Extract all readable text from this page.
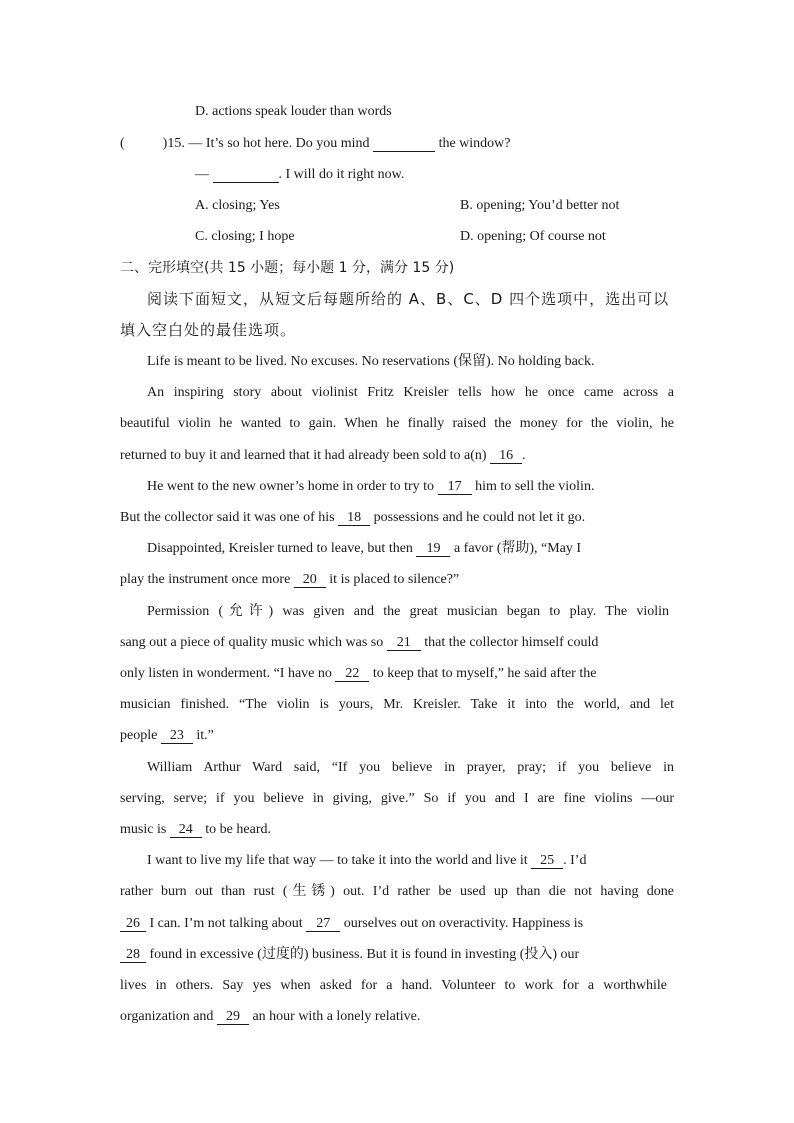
D. actions speak louder than words
(	)15. — It’s so hot here. Do you mind	the window?
—	. I will do it right now.
A. closing; Yes	B. opening; You’d better not
C. closing; I hope	D. opening; Of course not
二、完形填空(共 15 小题；每小题 1 分，满分 15 分)
阅读下面短文，从短文后每题所给的 A、B、C、D 四个选项中，选出可以
填入空白处的最佳选项。
Life is meant to be lived. No excuses. No reservations (保留). No holding back.
An inspiring story about violinist Fritz Kreisler tells how he once came across a
beautiful violin he wanted to gain. When he finally raised the money for the violin, he
returned to buy it and learned that it had already been sold to a(n) 16 .
He went to the new owner’s home in order to try to 17 him to sell the violin.
But the collector said it was one of his 18 possessions and he could not let it go.
Disappointed, Kreisler turned to leave, but then 19 a favor (帮助), “May I
play the instrument once more 20 it is placed to silence?”
Permission (允许) was given and the great musician began to play. The violin
sang out a piece of quality music which was so 21 that the collector himself could
only listen in wonderment. “I have no 22 to keep that to myself,” he said after the
musician finished. “The violin is yours, Mr. Kreisler. Take it into the world, and let
people 23 it.”
William Arthur Ward said, “If you believe in prayer, pray; if you believe in
serving, serve; if you believe in giving, give.” So if you and I are fine violins —our
music is 24 to be heard.
I want to live my life that way — to take it into the world and live it 25 . I’d
rather burn out than rust (生锈) out. I’d rather be used up than die not having done
26 I can. I’m not talking about 27 ourselves out on overactivity. Happiness is
28 found in excessive (过度的) business. But it is found in investing (投入) our
lives in others. Say yes when asked for a hand. Volunteer to work for a worthwhile
organization and 29 an hour with a lonely relative.
